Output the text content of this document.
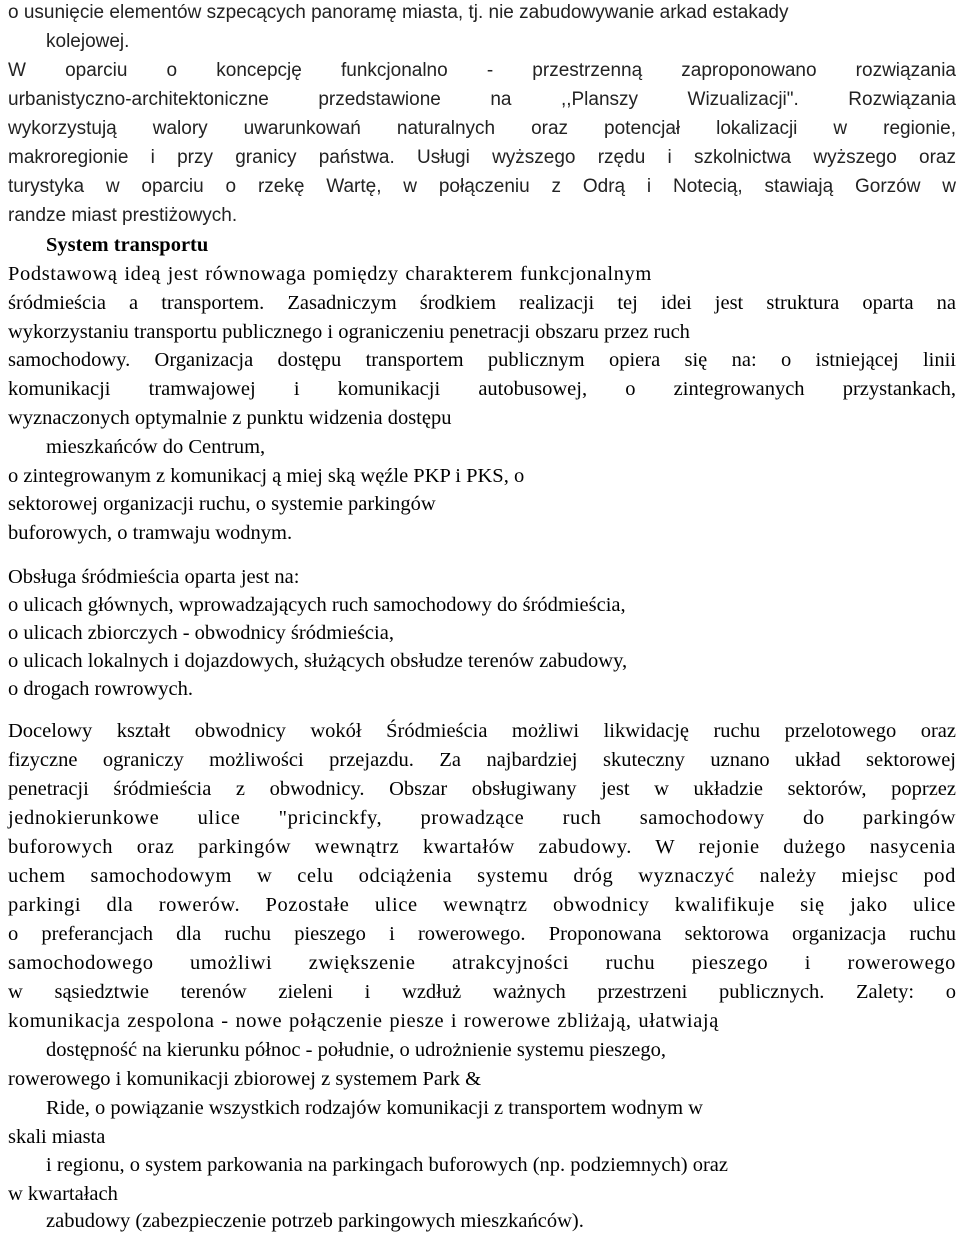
o usunięcie elementów szpecących panoramę miasta, tj. nie zabudowywanie arkad estakady
kolejowej.
W oparciu o koncepcję funkcjonalno - przestrzenną zaproponowano rozwiązania
urbanistyczno-architektoniczne przedstawione na ,,Planszy Wizualizacji". Rozwiązania
wykorzystują walory uwarunkowań naturalnych oraz potencjał lokalizacji w regionie,
makroregionie i przy granicy państwa. Usługi wyższego rzędu i szkolnictwa wyższego oraz
turystyka w oparciu o rzekę Wartę, w połączeniu z Odrą i Notecią, stawiają Gorzów w
randze miast prestiżowych.
System transportu
Podstawową ideą jest równowaga pomiędzy charakterem funkcjonalnym
śródmieścia a transportem. Zasadniczym środkiem realizacji tej idei jest struktura oparta na
wykorzystaniu transportu publicznego i ograniczeniu penetracji obszaru przez ruch
samochodowy. Organizacja dostępu transportem publicznym opiera się na: o istniejącej linii
komunikacji tramwajowej i komunikacji autobusowej, o zintegrowanych przystankach,
wyznaczonych optymalnie z punktu widzenia dostępu
mieszkańców do Centrum,
o zintegrowanym z komunikacj ą miej ską węźle PKP i PKS, o
sektorowej organizacji ruchu, o systemie parkingów
buforowych, o tramwaju wodnym.
Obsługa śródmieścia oparta jest na:
o ulicach głównych, wprowadzających ruch samochodowy do śródmieścia,
o ulicach zbiorczych - obwodnicy śródmieścia,
o ulicach lokalnych i dojazdowych, służących obsłudze terenów zabudowy,
o drogach rowrowych.
Docelowy kształt obwodnicy wokół Śródmieścia możliwi likwidację ruchu przelotowego oraz
fizyczne ograniczy możliwości przejazdu. Za najbardziej skuteczny uznano układ sektorowej
penetracji śródmieścia z obwodnicy. Obszar obsługiwany jest w układzie sektorów, poprzez
jednokierunkowe ulice "pricinckfy, prowadzące ruch samochodowy do parkingów
buforowych oraz parkingów wewnątrz kwartałów zabudowy. W rejonie dużego nasycenia
uchem samochodowym w celu odciążenia systemu dróg wyznaczyć należy miejsc pod
parkingi dla rowerów. Pozostałe ulice wewnątrz obwodnicy kwalifikuje się jako ulice
o preferancjach dla ruchu pieszego i rowerowego. Proponowana sektorowa organizacja ruchu
samochodowego umożliwi zwiększenie atrakcyjności ruchu pieszego i rowerowego
w sąsiedztwie terenów zieleni i wzdłuż ważnych przestrzeni publicznych. Zalety: o
komunikacja zespolona - nowe połączenie piesze i rowerowe zbliżają, ułatwiają
dostępność na kierunku północ - południe, o udrożnienie systemu pieszego,
rowerowego i komunikacji zbiorowej z systemem Park &
Ride, o powiązanie wszystkich rodzajów komunikacji z transportem wodnym w
skali miasta
i regionu, o system parkowania na parkingach buforowych (np. podziemnych) oraz
w kwartałach
zabudowy (zabezpieczenie potrzeb parkingowych mieszkańców).
